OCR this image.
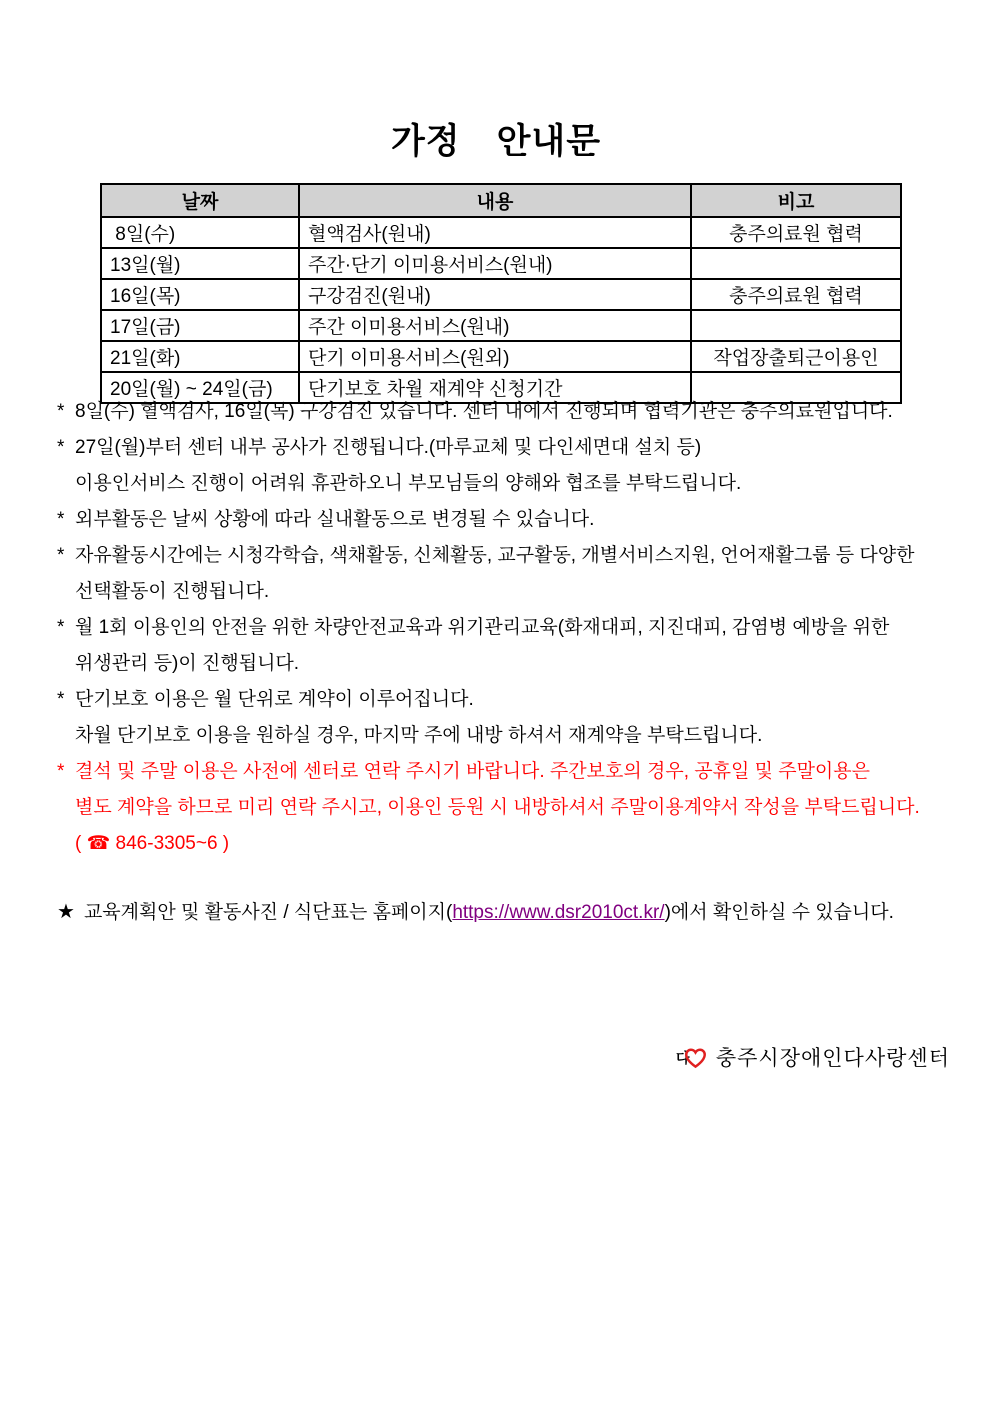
가정　안내문
날짜	내용	비고
8일(수)	혈액검사(원내)	충주의료원 협력
13일(월)	주간·단기 이미용서비스(원내)	
16일(목)	구강검진(원내)	충주의료원 협력
17일(금)	주간 이미용서비스(원내)	
21일(화)	단기 이미용서비스(원외)	작업장출퇴근이용인
20일(월) ~ 24일(금)	단기보호 차월 재계약 신청기간	
* 8일(수) 혈액검사, 16일(목) 구강검진 있습니다. 센터 내에서 진행되며 협력기관은 충주의료원입니다.
* 27일(월)부터 센터 내부 공사가 진행됩니다.(마루교체 및 다인세면대 설치 등)
이용인서비스 진행이 어려워 휴관하오니 부모님들의 양해와 협조를 부탁드립니다.
* 외부활동은 날씨 상황에 따라 실내활동으로 변경될 수 있습니다.
* 자유활동시간에는 시청각학습, 색채활동, 신체활동, 교구활동, 개별서비스지원, 언어재활그룹 등 다양한
선택활동이 진행됩니다.
* 월 1회 이용인의 안전을 위한 차량안전교육과 위기관리교육(화재대피, 지진대피, 감염병 예방을 위한
위생관리 등)이 진행됩니다.
* 단기보호 이용은 월 단위로 계약이 이루어집니다.
차월 단기보호 이용을 원하실 경우, 마지막 주에 내방 하셔서 재계약을 부탁드립니다.
* 결석 및 주말 이용은 사전에 센터로 연락 주시기 바랍니다. 주간보호의 경우, 공휴일 및 주말이용은
별도 계약을 하므로 미리 연락 주시고, 이용인 등원 시 내방하셔서 주말이용계약서 작성을 부탁드립니다.
( ☎ 846-3305~6 )
★ 교육계획안 및 활동사진 / 식단표는 홈페이지(https://www.dsr2010ct.kr/)에서 확인하실 수 있습니다.
다 충주시장애인다사랑센터
